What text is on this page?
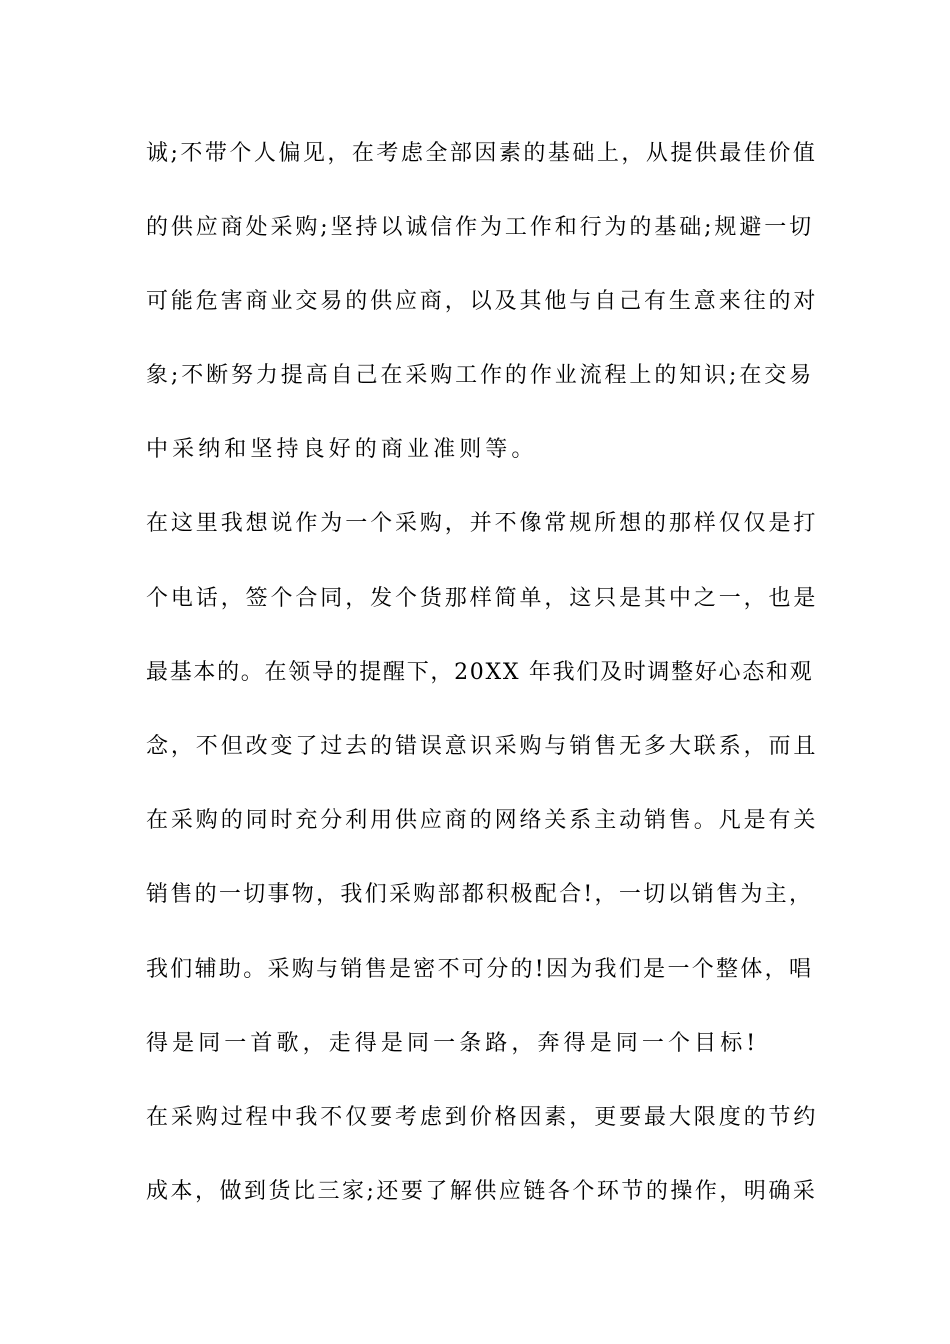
诚;不带个人偏见，在考虑全部因素的基础上，从提供最佳价值
的供应商处采购;坚持以诚信作为工作和行为的基础;规避一切
可能危害商业交易的供应商，以及其他与自己有生意来往的对
象;不断努力提高自己在采购工作的作业流程上的知识;在交易
中采纳和坚持良好的商业准则等。
在这里我想说作为一个采购，并不像常规所想的那样仅仅是打
个电话，签个合同，发个货那样简单，这只是其中之一，也是
最基本的。在领导的提醒下，20XX 年我们及时调整好心态和观
念，不但改变了过去的错误意识采购与销售无多大联系，而且
在采购的同时充分利用供应商的网络关系主动销售。凡是有关
销售的一切事物，我们采购部都积极配合!，一切以销售为主，
我们辅助。采购与销售是密不可分的!因为我们是一个整体，唱
得是同一首歌，走得是同一条路，奔得是同一个目标!
在采购过程中我不仅要考虑到价格因素，更要最大限度的节约
成本，做到货比三家;还要了解供应链各个环节的操作，明确采
